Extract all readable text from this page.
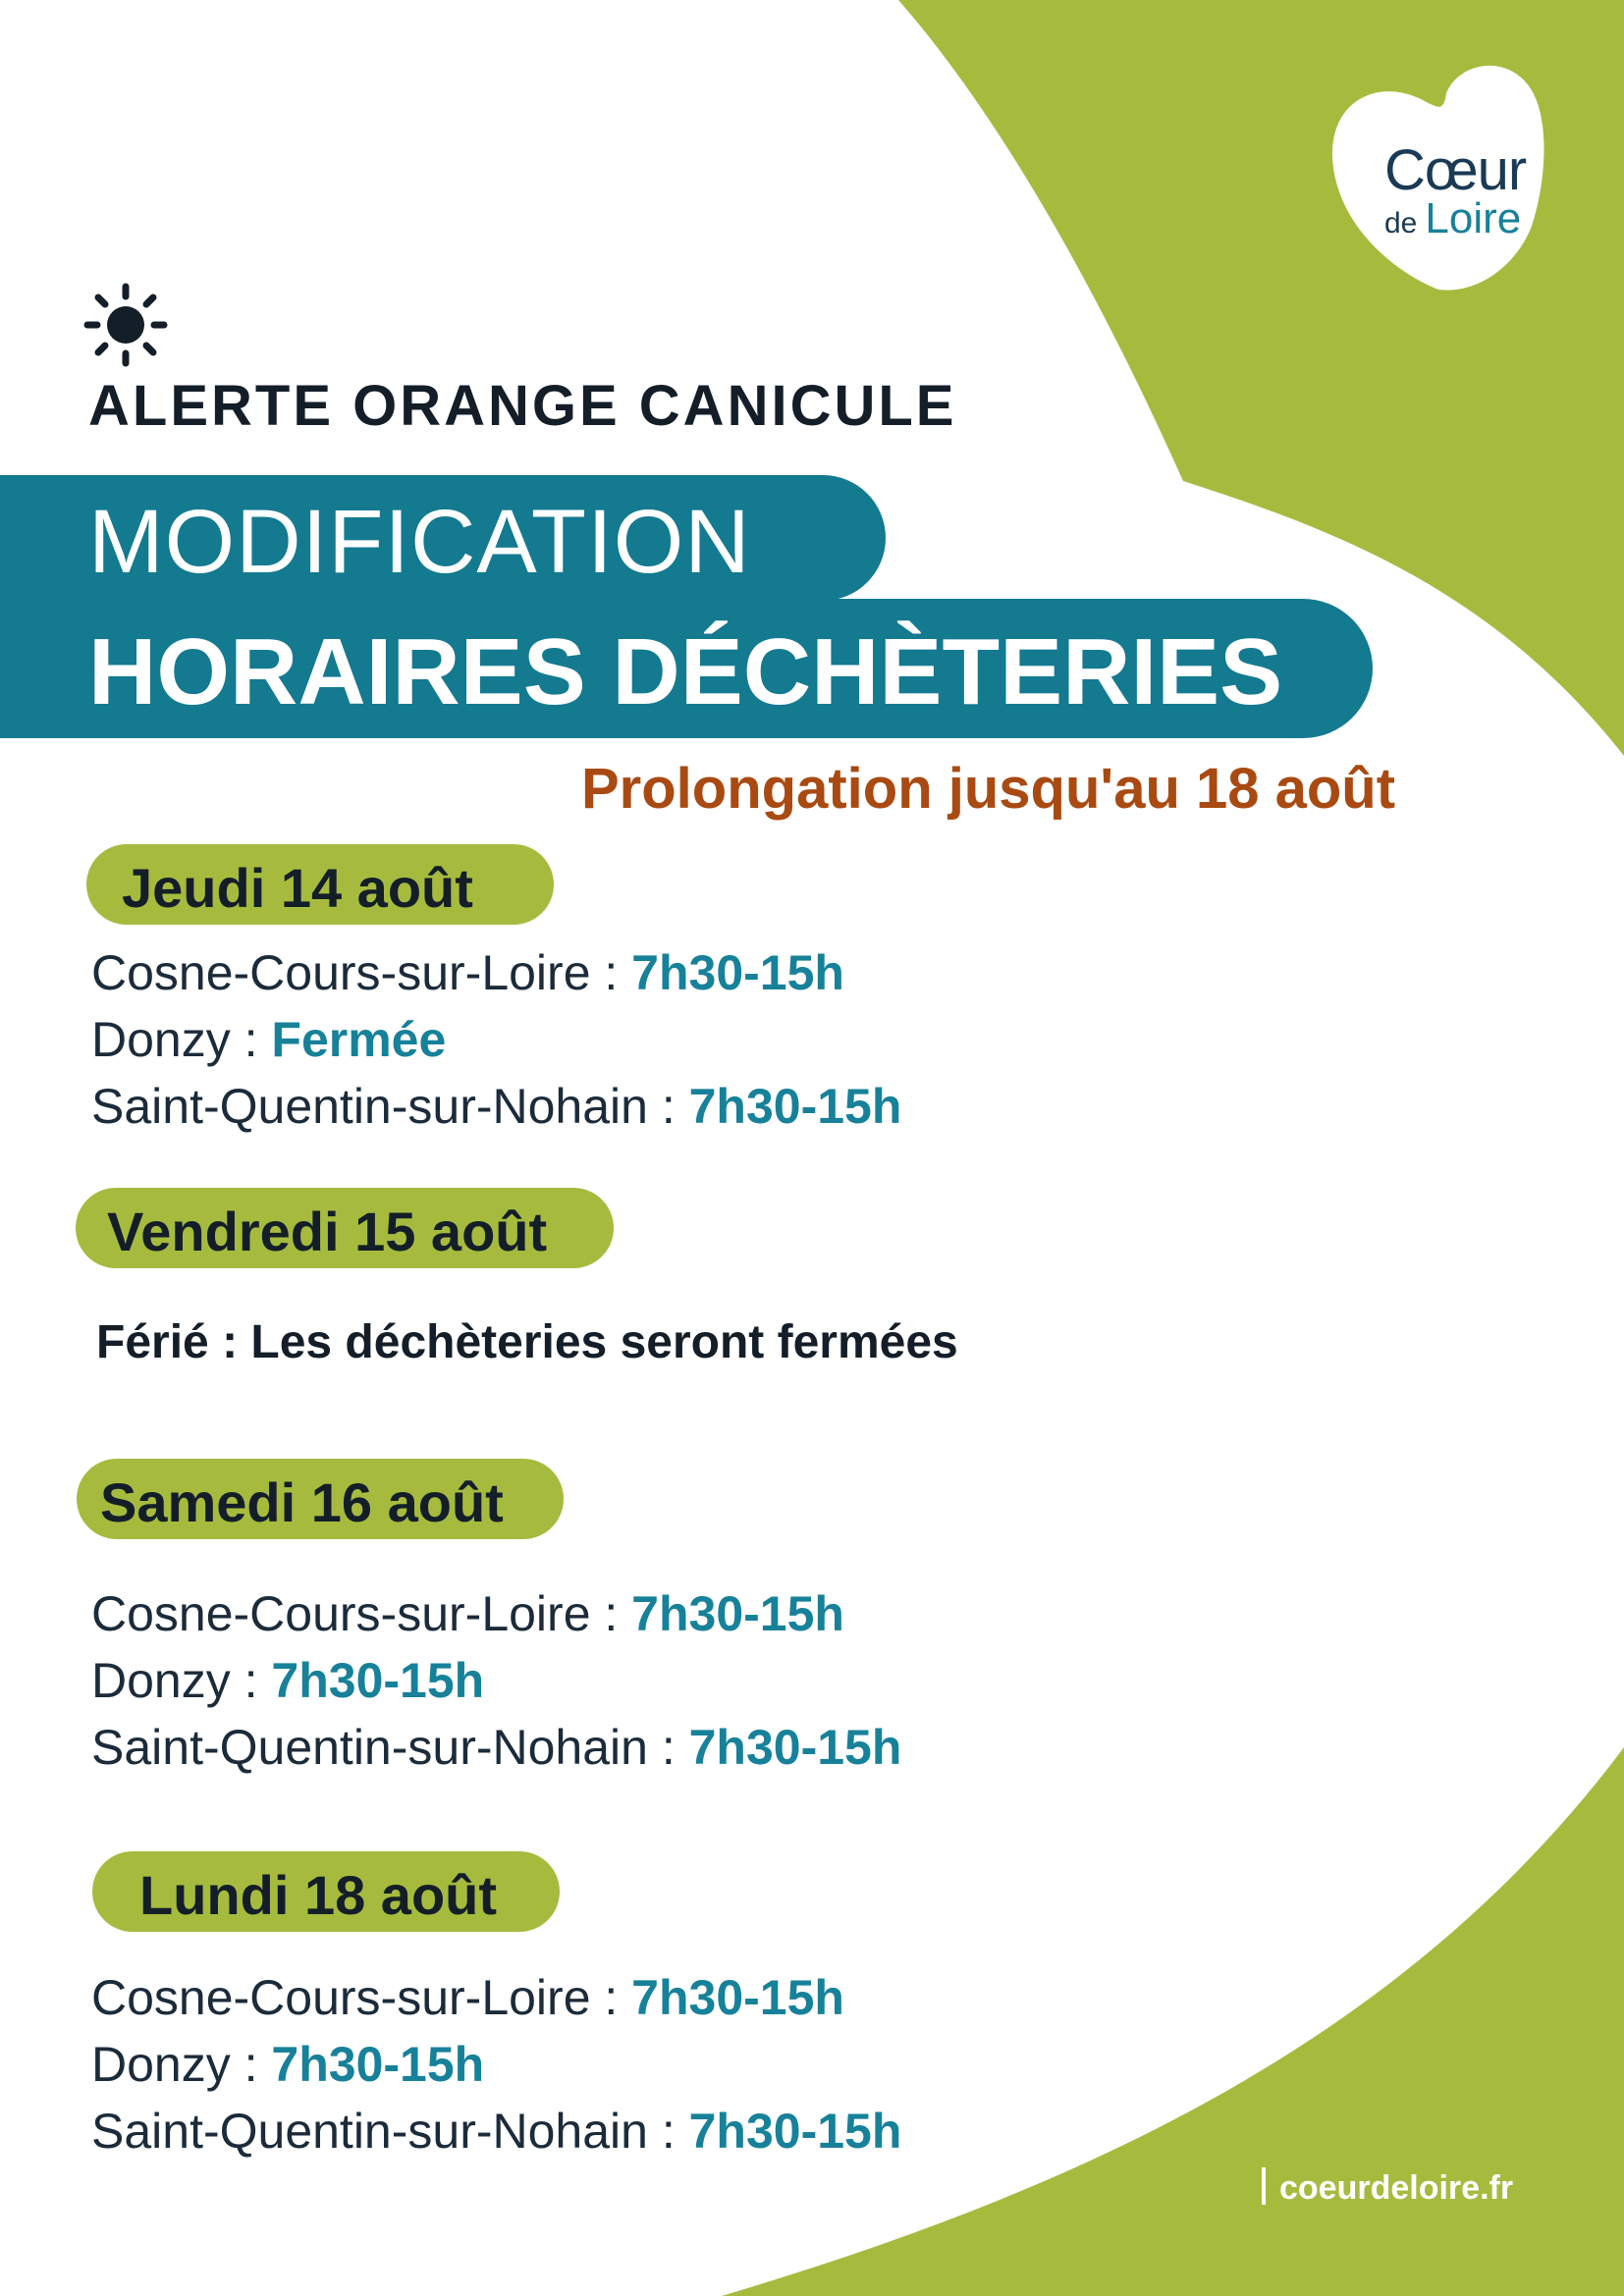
Cœur
de Loire
ALERTE ORANGE CANICULE
MODIFICATION
HORAIRES DÉCHÈTERIES
Prolongation jusqu'au 18 août
Jeudi 14 août
Cosne-Cours-sur-Loire : 7h30-15h
Donzy : Fermée
Saint-Quentin-sur-Nohain : 7h30-15h
Vendredi 15 août
Férié : Les déchèteries seront fermées
Samedi 16 août
Cosne-Cours-sur-Loire : 7h30-15h
Donzy : 7h30-15h
Saint-Quentin-sur-Nohain : 7h30-15h
Lundi 18 août
Cosne-Cours-sur-Loire : 7h30-15h
Donzy : 7h30-15h
Saint-Quentin-sur-Nohain : 7h30-15h
coeurdeloire.fr
